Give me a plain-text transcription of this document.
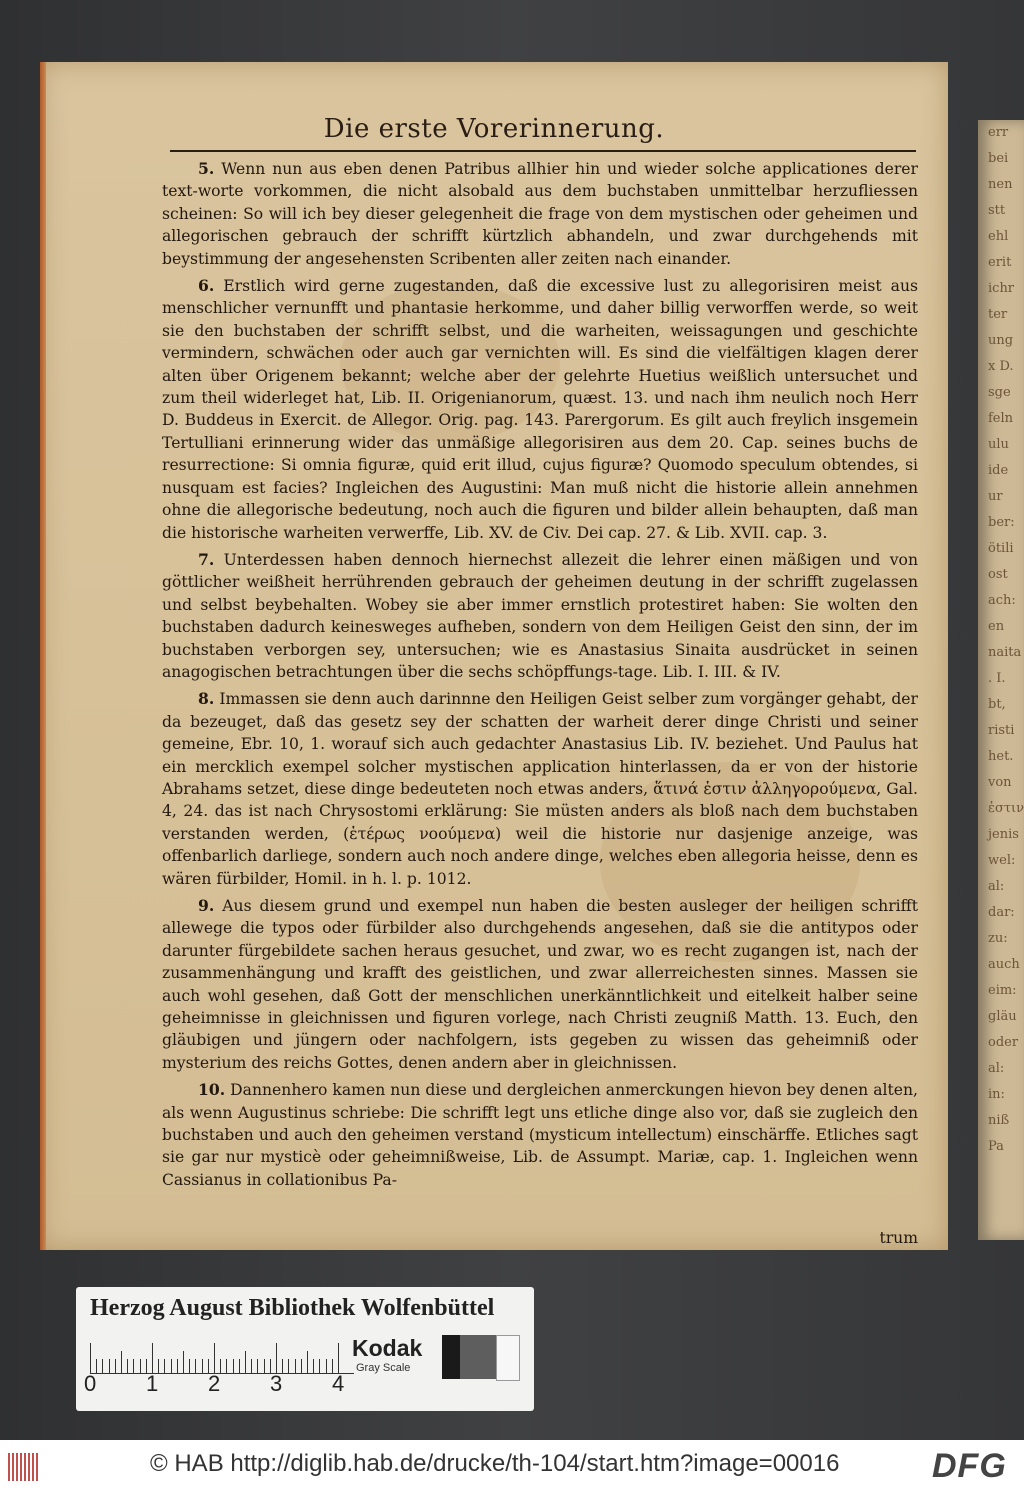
err
bei
nen
stt
ehl
erit
ichr
ter
ung
x D.
sge
feln
ulu
ide
ur
ber:
ötili
ost
ach:
en
naita
. I.
bt,
risti
het.
von
ἐστιν
jenis
wel:
al:
dar:
zu:
auch
eim:
gläu
oder
al:
in:
niß
Pa
Die erste Vorerinnerung.

5. Wenn nun aus eben denen Patribus allhier hin und wieder solche applicationes derer text-worte vorkommen, die nicht alsobald aus dem buchstaben unmittelbar herzufliessen scheinen: So will ich bey dieser gelegenheit die frage von dem mystischen oder geheimen und allegorischen gebrauch der schrifft kürtzlich abhandeln, und zwar durchgehends mit beystimmung der angesehensten Scribenten aller zeiten nach einander.

6. Erstlich wird gerne zugestanden, daß die excessive lust zu allegorisiren meist aus menschlicher vernunfft und phantasie herkomme, und daher billig verworffen werde, so weit sie den buchstaben der schrifft selbst, und die warheiten, weissagungen und geschichte vermindern, schwächen oder auch gar vernichten will. Es sind die vielfältigen klagen derer alten über Origenem bekannt; welche aber der gelehrte Huetius weißlich untersuchet und zum theil widerleget hat, Lib. II. Origenianorum, quæst. 13. und nach ihm neulich noch Herr D. Buddeus in Exercit. de Allegor. Orig. pag. 143. Parergorum. Es gilt auch freylich insgemein Tertulliani erinnerung wider das unmäßige allegorisiren aus dem 20. Cap. seines buchs de resurrectione: Si omnia figuræ, quid erit illud, cujus figuræ? Quomodo speculum obtendes, si nusquam est facies? Ingleichen des Augustini: Man muß nicht die historie allein annehmen ohne die allegorische bedeutung, noch auch die figuren und bilder allein behaupten, daß man die historische warheiten verwerffe, Lib. XV. de Civ. Dei cap. 27. & Lib. XVII. cap. 3.

7. Unterdessen haben dennoch hiernechst allezeit die lehrer einen mäßigen und von göttlicher weißheit herrührenden gebrauch der geheimen deutung in der schrifft zugelassen und selbst beybehalten. Wobey sie aber immer ernstlich protestiret haben: Sie wolten den buchstaben dadurch keinesweges aufheben, sondern von dem Heiligen Geist den sinn, der im buchstaben verborgen sey, untersuchen; wie es Anastasius Sinaita ausdrücket in seinen anagogischen betrachtungen über die sechs schöpffungs-tage. Lib. I. III. & IV.

8. Immassen sie denn auch darinnne den Heiligen Geist selber zum vorgänger gehabt, der da bezeuget, daß das gesetz sey der schatten der warheit derer dinge Christi und seiner gemeine, Ebr. 10, 1. worauf sich auch gedachter Anastasius Lib. IV. beziehet. Und Paulus hat ein mercklich exempel solcher mystischen application hinterlassen, da er von der historie Abrahams setzet, diese dinge bedeuteten noch etwas anders, ἅτινά ἐστιν ἀλληγορούμενα, Gal. 4, 24. das ist nach Chrysostomi erklärung: Sie müsten anders als bloß nach dem buchstaben verstanden werden, (ἑτέρως νοούμενα) weil die historie nur dasjenige anzeige, was offenbarlich darliege, sondern auch noch andere dinge, welches eben allegoria heisse, denn es wären fürbilder, Homil. in h. l. p. 1012.

9. Aus diesem grund und exempel nun haben die besten ausleger der heiligen schrifft allewege die typos oder fürbilder also durchgehends angesehen, daß sie die antitypos oder darunter fürgebildete sachen heraus gesuchet, und zwar, wo es recht zugangen ist, nach der zusammenhängung und krafft des geistlichen, und zwar allerreichesten sinnes. Massen sie auch wohl gesehen, daß Gott der menschlichen unerkänntlichkeit und eitelkeit halber seine geheimnisse in gleichnissen und figuren vorlege, nach Christi zeugniß Matth. 13. Euch, den gläubigen und jüngern oder nachfolgern, ists gegeben zu wissen das geheimniß oder mysterium des reichs Gottes, denen andern aber in gleichnissen.

10. Dannenhero kamen nun diese und dergleichen anmerckungen hievon bey denen alten, als wenn Augustinus schriebe: Die schrifft legt uns etliche dinge also vor, daß sie zugleich den buchstaben und auch den geheimen verstand (mysticum intellectum) einschärffe. Etliches sagt sie gar nur mysticè oder geheimnißweise, Lib. de Assumpt. Mariæ, cap. 1. Ingleichen wenn Cassianus in collationibus Pa-

trum
Herzog August Bibliothek Wolfenbüttel
0 1 2 3 4
Kodak
Gray Scale
© HAB http://diglib.hab.de/drucke/th-104/start.htm?image=00016	DFG
